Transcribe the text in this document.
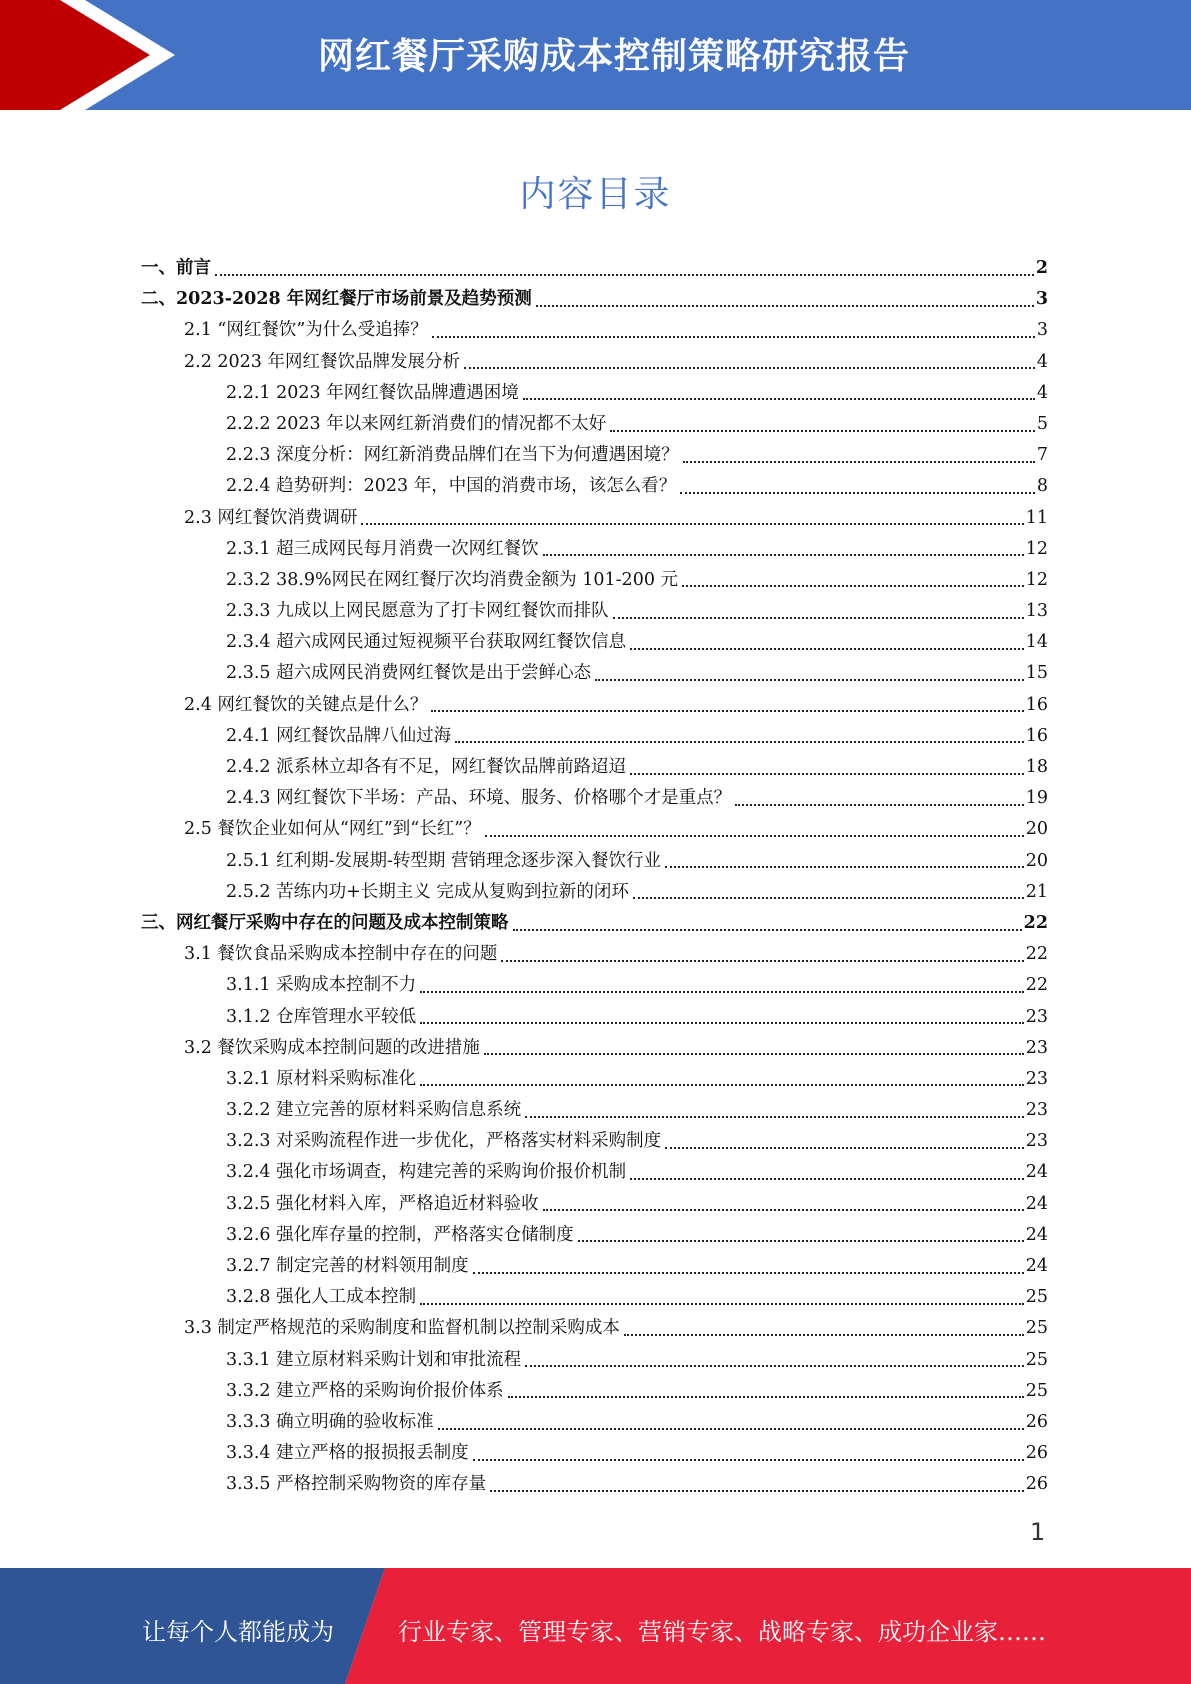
网红餐厅采购成本控制策略研究报告
内容目录
一、前言	2
二、2023-2028 年网红餐厅市场前景及趋势预测	3
2.1 “网红餐饮”为什么受追捧？	3
2.2 2023 年网红餐饮品牌发展分析	4
2.2.1 2023 年网红餐饮品牌遭遇困境	4
2.2.2 2023 年以来网红新消费们的情况都不太好	5
2.2.3 深度分析：网红新消费品牌们在当下为何遭遇困境？	7
2.2.4 趋势研判：2023 年，中国的消费市场，该怎么看？	8
2.3 网红餐饮消费调研	11
2.3.1 超三成网民每月消费一次网红餐饮	12
2.3.2 38.9%网民在网红餐厅次均消费金额为 101-200 元	12
2.3.3 九成以上网民愿意为了打卡网红餐饮而排队	13
2.3.4 超六成网民通过短视频平台获取网红餐饮信息	14
2.3.5 超六成网民消费网红餐饮是出于尝鲜心态	15
2.4 网红餐饮的关键点是什么？	16
2.4.1 网红餐饮品牌八仙过海	16
2.4.2 派系林立却各有不足，网红餐饮品牌前路迢迢	18
2.4.3 网红餐饮下半场：产品、环境、服务、价格哪个才是重点？	19
2.5 餐饮企业如何从“网红”到“长红”？	20
2.5.1 红利期-发展期-转型期 营销理念逐步深入餐饮行业	20
2.5.2 苦练内功+长期主义 完成从复购到拉新的闭环	21
三、网红餐厅采购中存在的问题及成本控制策略	22
3.1 餐饮食品采购成本控制中存在的问题	22
3.1.1 采购成本控制不力	22
3.1.2 仓库管理水平较低	23
3.2 餐饮采购成本控制问题的改进措施	23
3.2.1 原材料采购标准化	23
3.2.2 建立完善的原材料采购信息系统	23
3.2.3 对采购流程作进一步优化，严格落实材料采购制度	23
3.2.4 强化市场调查，构建完善的采购询价报价机制	24
3.2.5 强化材料入库，严格追近材料验收	24
3.2.6 强化库存量的控制，严格落实仓储制度	24
3.2.7 制定完善的材料领用制度	24
3.2.8 强化人工成本控制	25
3.3 制定严格规范的采购制度和监督机制以控制采购成本	25
3.3.1 建立原材料采购计划和审批流程	25
3.3.2 建立严格的采购询价报价体系	25
3.3.3 确立明确的验收标准	26
3.3.4 建立严格的报损报丢制度	26
3.3.5 严格控制采购物资的库存量	26
1
让每个人都能成为	行业专家、管理专家、营销专家、战略专家、成功企业家……
